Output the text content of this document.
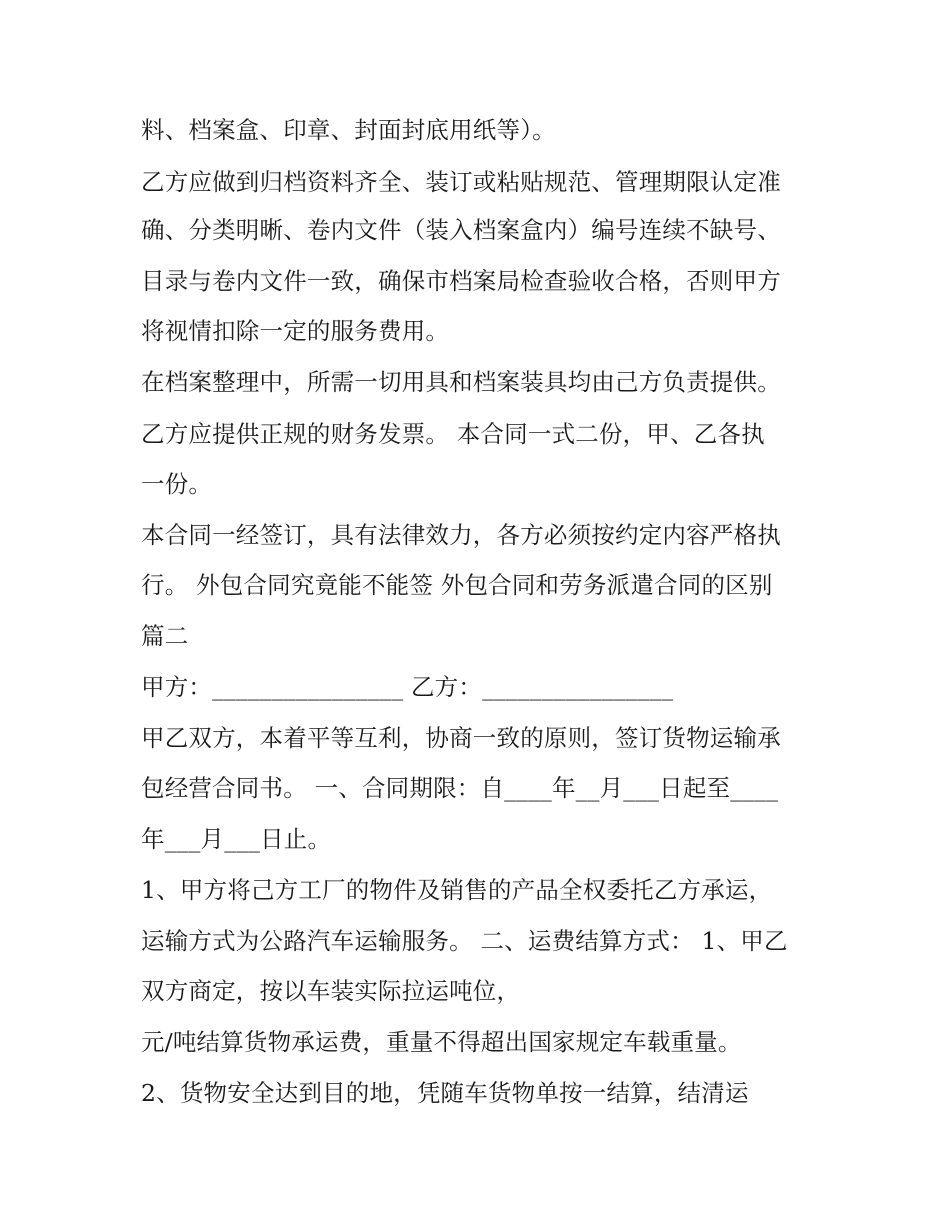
料、档案盒、印章、封面封底用纸等）。
乙方应做到归档资料齐全、装订或粘贴规范、管理期限认定准
确、分类明晰、卷内文件（装入档案盒内）编号连续不缺号、
目录与卷内文件一致，确保市档案局检查验收合格，否则甲方
将视情扣除一定的服务费用。
在档案整理中，所需一切用具和档案装具均由己方负责提供。
乙方应提供正规的财务发票。 本合同一式二份，甲、乙各执
一份。
本合同一经签订，具有法律效力，各方必须按约定内容严格执
行。 外包合同究竟能不能签 外包合同和劳务派遣合同的区别
篇二
甲方：________________ 乙方：________________
甲乙双方，本着平等互利，协商一致的原则，签订货物运输承
包经营合同书。 一、合同期限：自____年__月___日起至____
年___月___日止。
1、甲方将己方工厂的物件及销售的产品全权委托乙方承运，
运输方式为公路汽车运输服务。 二、运费结算方式： 1、甲乙
双方商定，按以车装实际拉运吨位，
元/吨结算货物承运费，重量不得超出国家规定车载重量。
2、货物安全达到目的地，凭随车货物单按一结算，结清运
